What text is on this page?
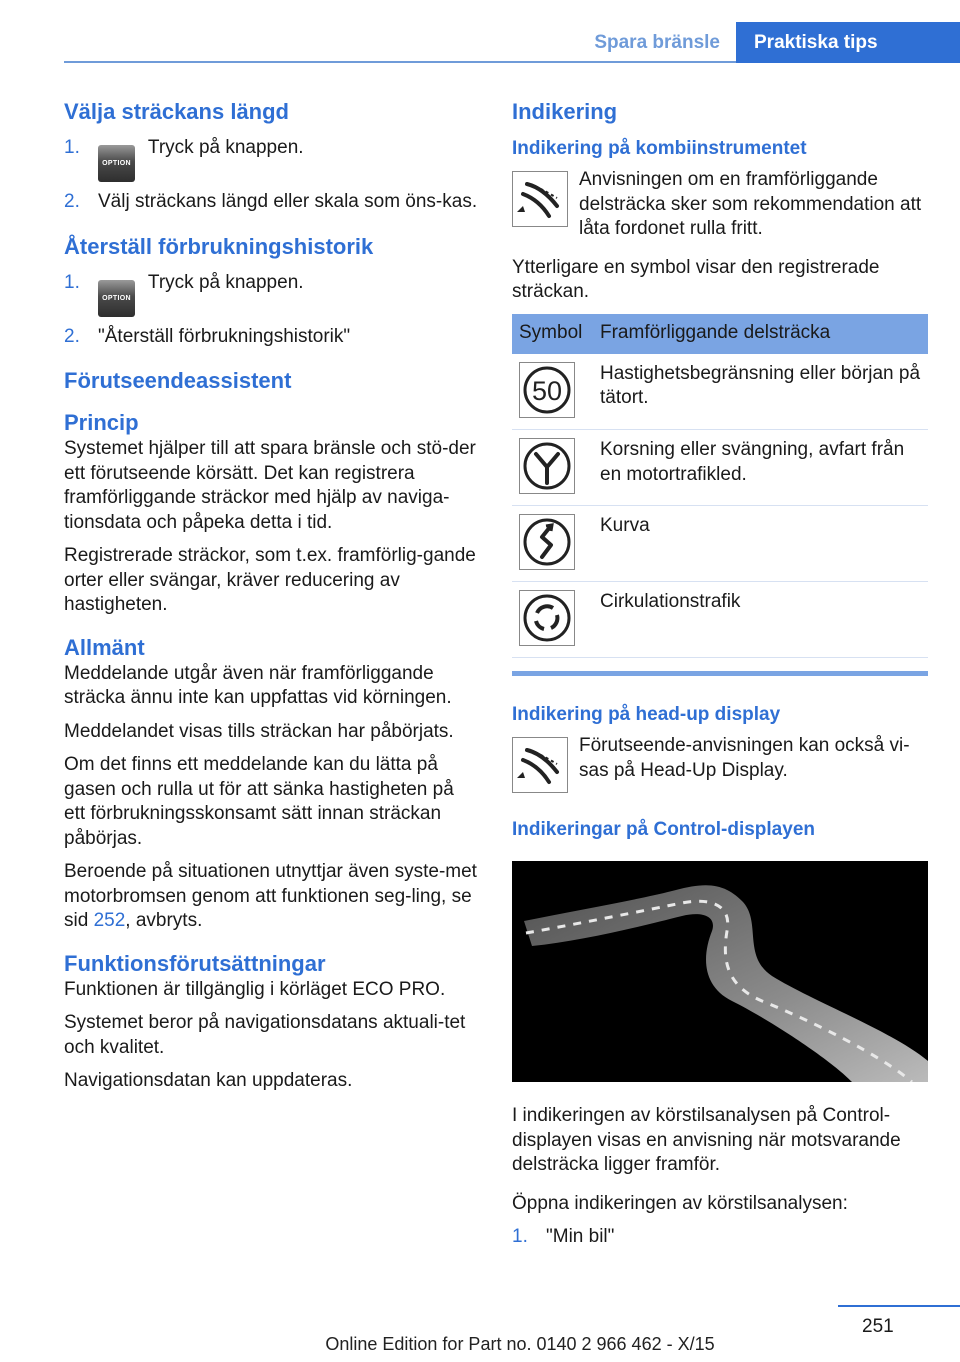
Spara bränsle	Praktiska tips
Välja sträckans längd
1.
OPTION Tryck på knappen.
2. Välj sträckans längd eller skala som öns-kas.
Återställ förbrukningshistorik
1.
OPTION Tryck på knappen.
2. "Återställ förbrukningshistorik"
Förutseendeassistent
Princip

Systemet hjälper till att spara bränsle och stö-der ett förutseende körsätt. Det kan registrera framförliggande sträckor med hjälp av naviga-tionsdata och påpeka detta i tid.

Registrerade sträckor, som t.ex. framförlig-gande orter eller svängar, kräver reducering av hastigheten.

Allmänt

Meddelande utgår även när framförliggande sträcka ännu inte kan uppfattas vid körningen.

Meddelandet visas tills sträckan har påbörjats.

Om det finns ett meddelande kan du lätta på gasen och rulla ut för att sänka hastigheten på ett förbrukningsskonsamt sätt innan sträckan påbörjas.

Beroende på situationen utnyttjar även syste-met motorbromsen genom att funktionen seg-ling, se sid 252, avbryts.

Funktionsförutsättningar

Funktionen är tillgänglig i körläget ECO PRO.

Systemet beror på navigationsdatans aktuali-tet och kvalitet.

Navigationsdatan kan uppdateras.

Indikering
Indikering på kombiinstrumentet
Anvisningen om en framförliggande delsträcka sker som rekommendation att låta fordonet rulla fritt.

Ytterligare en symbol visar den registrerade sträckan.

Symbol	Framförliggande delsträcka

50	Hastighetsbegränsning eller början på tätort.

	Korsning eller svängning, avfart från en motortrafikled.

	Kurva

	Cirkulationstrafik
Indikering på head-up display
Förutseende-anvisningen kan också vi-sas på Head-Up Display.
Indikeringar på Control-displayen

I indikeringen av körstilsanalysen på Control-displayen visas en anvisning när motsvarande delsträcka ligger framför.

Öppna indikeringen av körstilsanalysen:

1. "Min bil"
251
Online Edition for Part no. 0140 2 966 462 - X/15
